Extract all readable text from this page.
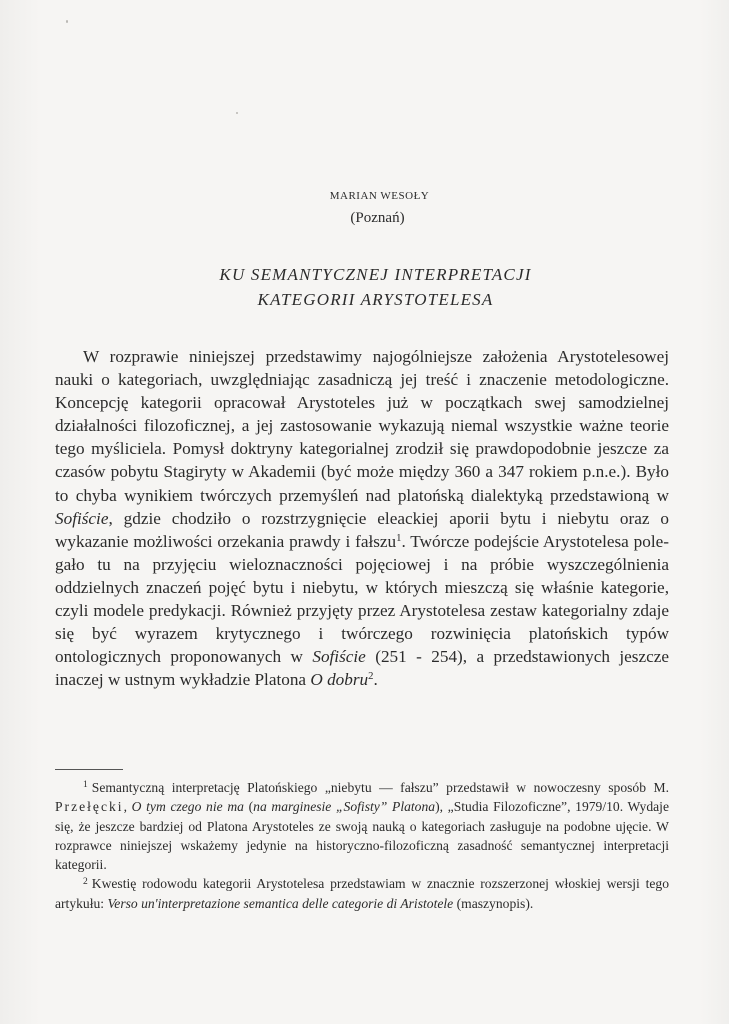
MARIAN WESOŁY
(Poznań)
KU SEMANTYCZNEJ INTERPRETACJI
KATEGORII ARYSTOTELESA

W rozprawie niniejszej przedstawimy najogólniejsze założenia Arystotelesowej nauki o kategoriach, uwzględniając zasadniczą jej treść i znaczenie metodologiczne. Koncepcję kategorii opracował Arystoteles już w początkach swej samodzielnej działalności filozoficznej, a jej zastosowanie wykazują niemal wszystkie ważne teorie tego myśliciela. Pomysł doktryny kategorialnej zrodził się prawdopodobnie jeszcze za czasów pobytu Stagiryty w Akademii (być może między 360 a 347 rokiem p.n.e.). Było to chyba wynikiem twórczych przemyśleń nad platońską dialektyką przedstawioną w Sofiście, gdzie chodziło o rozstrzygnięcie eleackiej aporii bytu i niebytu oraz o wykazanie możliwości orzekania prawdy i fałszu$^1$. Twórcze podejście Arystotelesa polegało tu na przyjęciu wieloznaczności pojęciowej i na próbie wyszczególnienia oddzielnych znaczeń pojęć bytu i niebytu, w których mieszczą się właśnie kategorie, czyli modele predykacji. Również przyjęty przez Arystotelesa zestaw kategorialny zdaje się być wyrazem krytycznego i twórczego rozwinięcia platońskich typów ontologicznych proponowanych w Sofiście (251 - 254), a przedstawionych jeszcze inaczej w ustnym wykładzie Platona O dobru$^2$.

$^1$ Semantyczną interpretację Platońskiego „niebytu — fałszu” przedstawił w nowoczesny sposób M. Przełęcki, O tym czego nie ma (na marginesie „Sofisty” Platona), „Studia Filozoficzne”, 1979/10. Wydaje się, że jeszcze bardziej od Platona Arystoteles ze swoją nauką o kategoriach zasługuje na podobne ujęcie. W rozprawce niniejszej wskażemy jedynie na historyczno-filozoficzną zasadność semantycznej interpretacji kategorii.

$^2$ Kwestię rodowodu kategorii Arystotelesa przedstawiam w znacznie rozszerzonej włoskiej wersji tego artykułu: Verso un'interpretazione semantica delle categorie di Aristotele (maszynopis).
